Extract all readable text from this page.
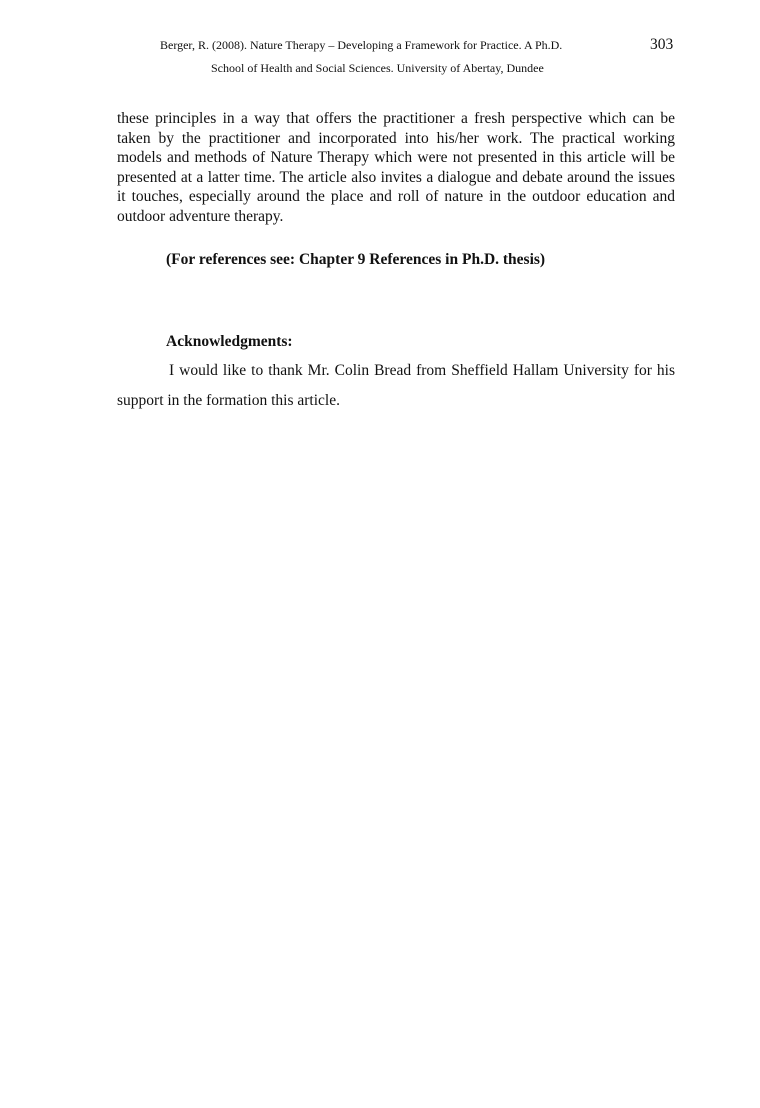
Berger, R. (2008). Nature Therapy – Developing a Framework for Practice. A Ph.D.	303
School of Health and Social Sciences. University of Abertay, Dundee

these principles in a way that offers the practitioner a fresh perspective which can be taken by the practitioner and incorporated into his/her work. The practical working models and methods of Nature Therapy which were not presented in this article will be presented at a latter time. The article also invites a dialogue and debate around the issues it touches, especially around the place and roll of nature in the outdoor education and outdoor adventure therapy.

(For references see: Chapter 9 References in Ph.D. thesis)
Acknowledgments:

I would like to thank Mr. Colin Bread from Sheffield Hallam University for his support in the formation this article.
